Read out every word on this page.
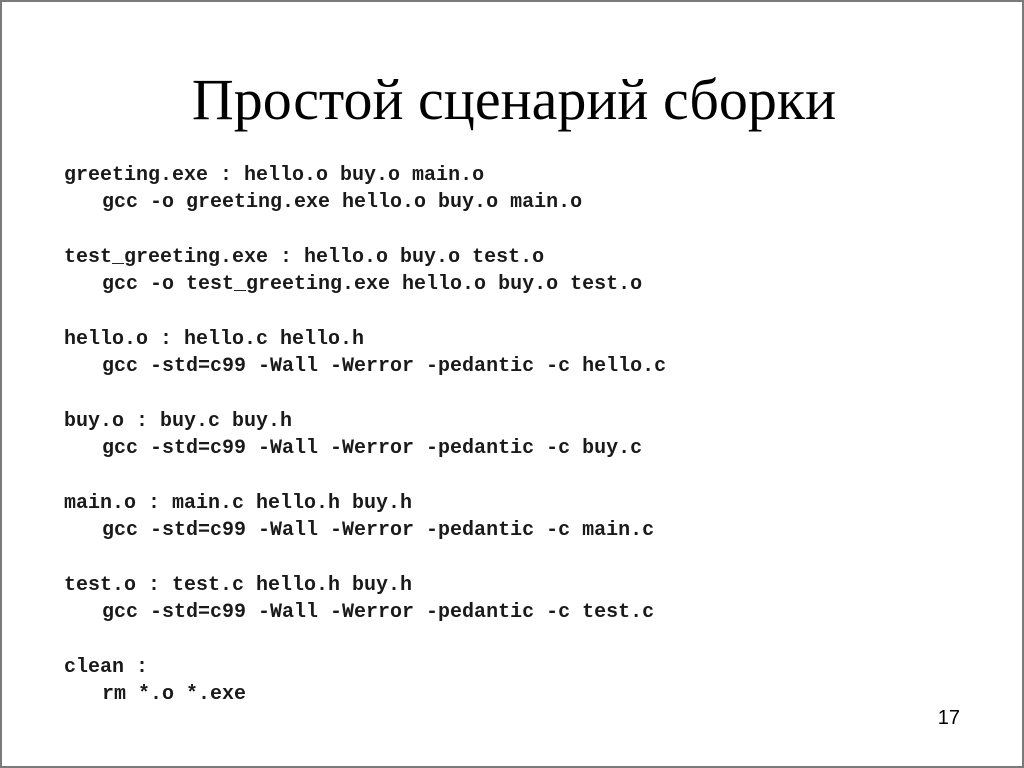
Простой сценарий сборки
greeting.exe : hello.o buy.o main.o
gcc -o greeting.exe hello.o buy.o main.o
test_greeting.exe : hello.o buy.o test.o
gcc -o test_greeting.exe hello.o buy.o test.o
hello.o : hello.c hello.h
gcc -std=c99 -Wall -Werror -pedantic -c hello.c
buy.o : buy.c buy.h
gcc -std=c99 -Wall -Werror -pedantic -c buy.c
main.o : main.c hello.h buy.h
gcc -std=c99 -Wall -Werror -pedantic -c main.c
test.o : test.c hello.h buy.h
gcc -std=c99 -Wall -Werror -pedantic -c test.c
clean :
rm *.o *.exe
17
